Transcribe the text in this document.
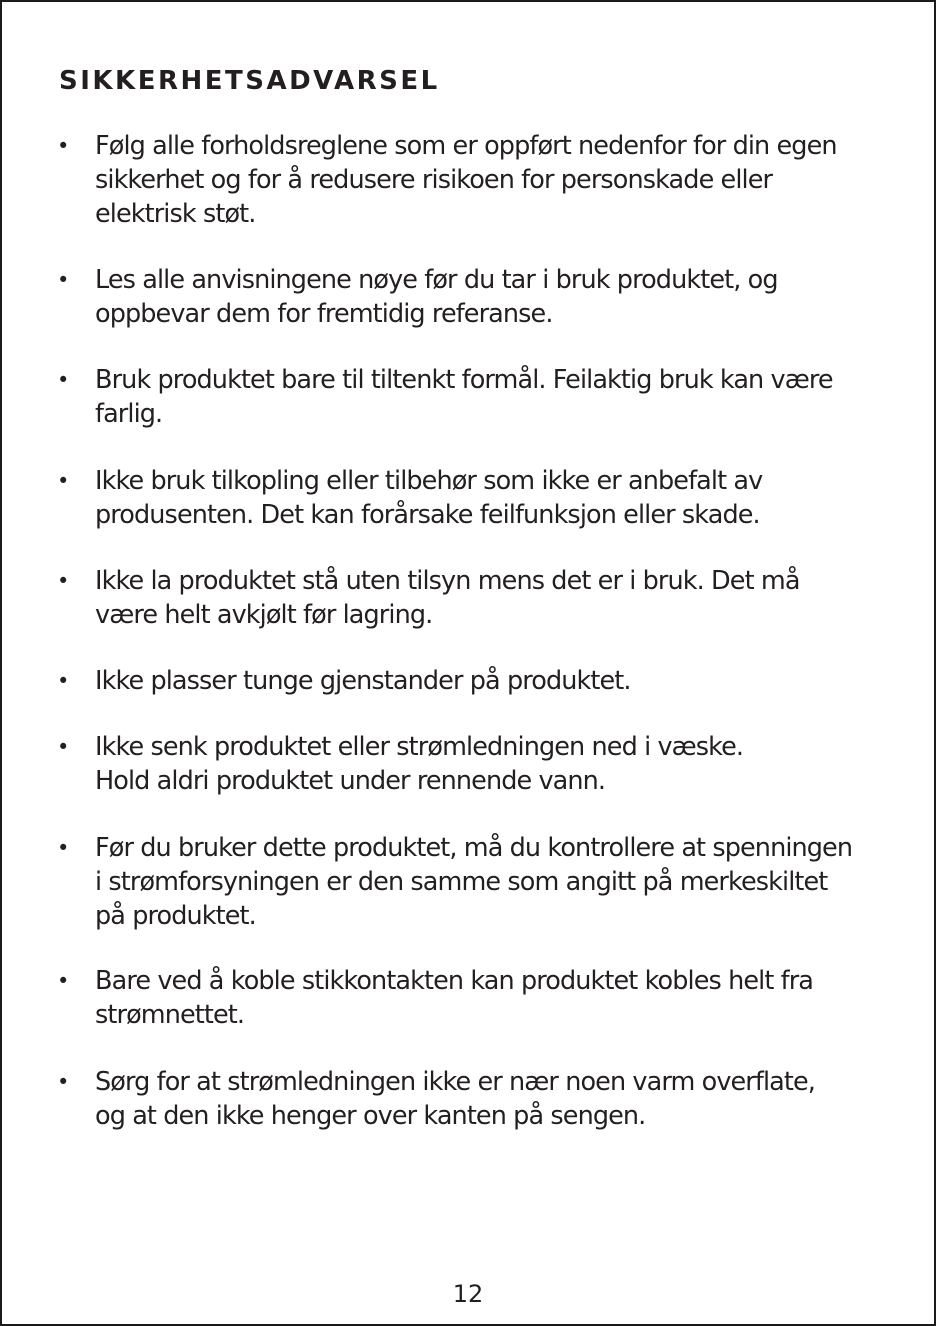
SIKKERHETSADVARSEL
• Følg alle forholdsreglene som er oppført nedenfor for din egen
sikkerhet og for å redusere risikoen for personskade eller
elektrisk støt.

• Les alle anvisningene nøye før du tar i bruk produktet, og
oppbevar dem for fremtidig referanse.

• Bruk produktet bare til tiltenkt formål. Feilaktig bruk kan være
farlig.

• Ikke bruk tilkopling eller tilbehør som ikke er anbefalt av
produsenten. Det kan forårsake feilfunksjon eller skade.

• Ikke la produktet stå uten tilsyn mens det er i bruk. Det må
være helt avkjølt før lagring.

• Ikke plasser tunge gjenstander på produktet.

• Ikke senk produktet eller strømledningen ned i væske.
Hold aldri produktet under rennende vann.

• Før du bruker dette produktet, må du kontrollere at spenningen
i strømforsyningen er den samme som angitt på merkeskiltet
på produktet.

• Bare ved å koble stikkontakten kan produktet kobles helt fra
strømnettet.

• Sørg for at strømledningen ikke er nær noen varm overflate,
og at den ikke henger over kanten på sengen.

12
